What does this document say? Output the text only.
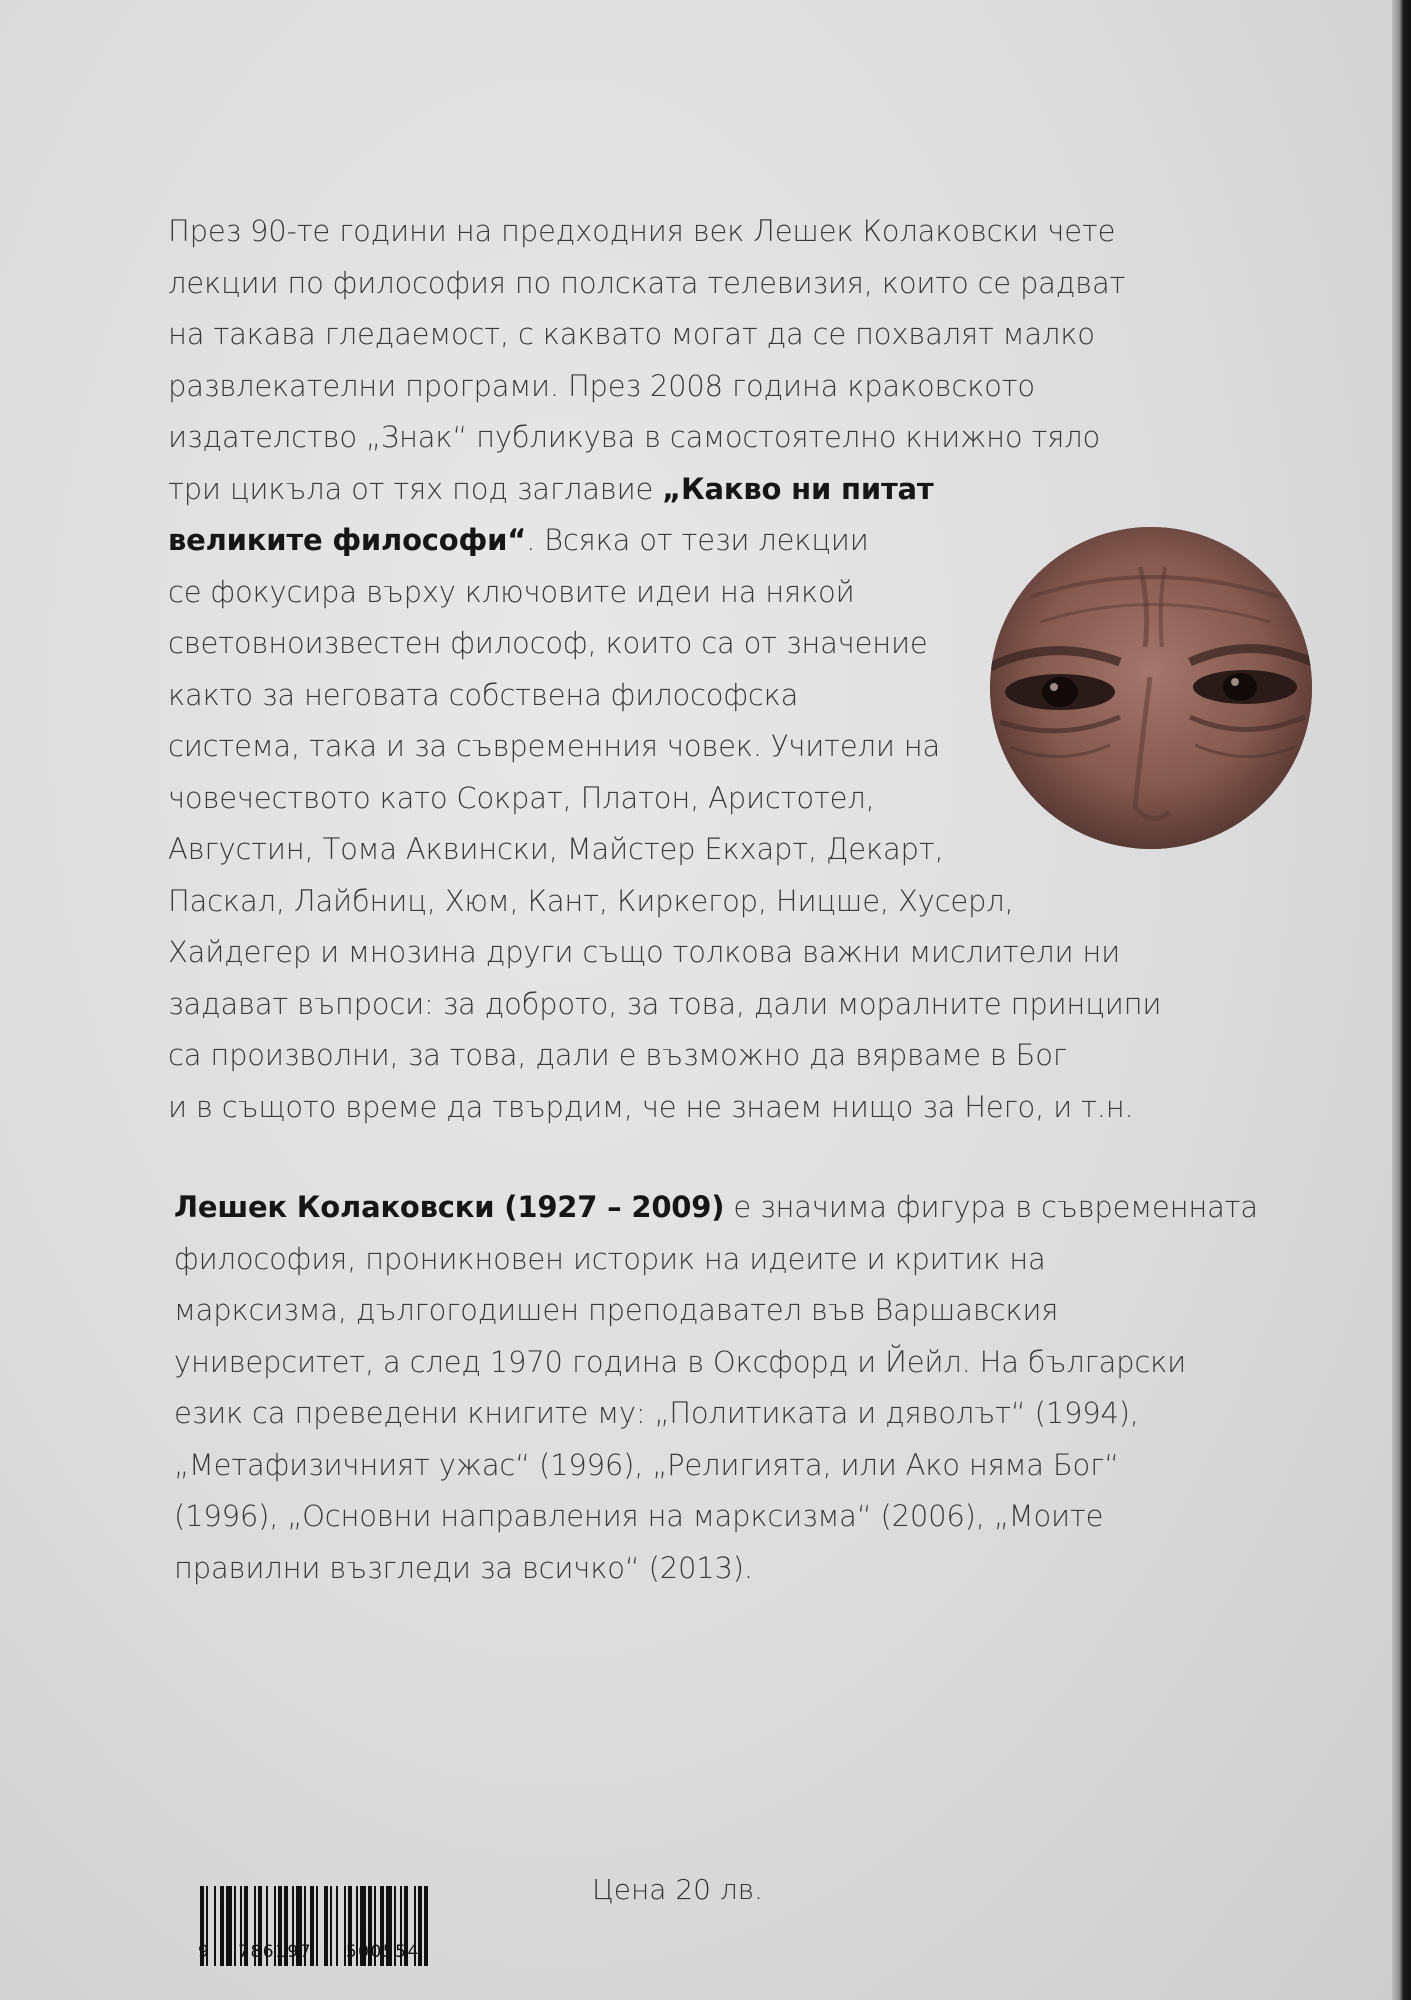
През 90-те години на предходния век Лешек Колаковски чете
лекции по философия по полската телевизия, които се радват
на такава гледаемост, с каквато могат да се похвалят малко
развлекателни програми. През 2008 година краковското
издателство „Знак“ публикува в самостоятелно книжно тяло
три цикъла от тях под заглавие „Какво ни питат
великите философи“. Всяка от тези лекции
се фокусира върху ключовите идеи на някой
световноизвестен философ, които са от значение
както за неговата собствена философска
система, така и за съвременния човек. Учители на
човечеството като Сократ, Платон, Аристотел,
Августин, Тома Аквински, Майстер Екхарт, Декарт,
Паскал, Лайбниц, Хюм, Кант, Киркегор, Ницше, Хусерл,
Хайдегер и мнозина други също толкова важни мислители ни
задават въпроси: за доброто, за това, дали моралните принципи
са произволни, за това, дали е възможно да вярваме в Бог
и в същото време да твърдим, че не знаем нищо за Него, и т.н.
Лешек Колаковски (1927 – 2009) е значима фигура в съвременната
философия, проникновен историк на идеите и критик на
марксизма, дългогодишен преподавател във Варшавския
университет, а след 1970 година в Оксфорд и Йейл. На български
език са преведени книгите му: „Политиката и дяволът“ (1994),
„Метафизичният ужас“ (1996), „Религията, или Ако няма Бог“
(1996), „Основни направления на марксизма“ (2006), „Моите
правилни възгледи за всичко“ (2013).
9 786197 500554
Цена 20 лв.
